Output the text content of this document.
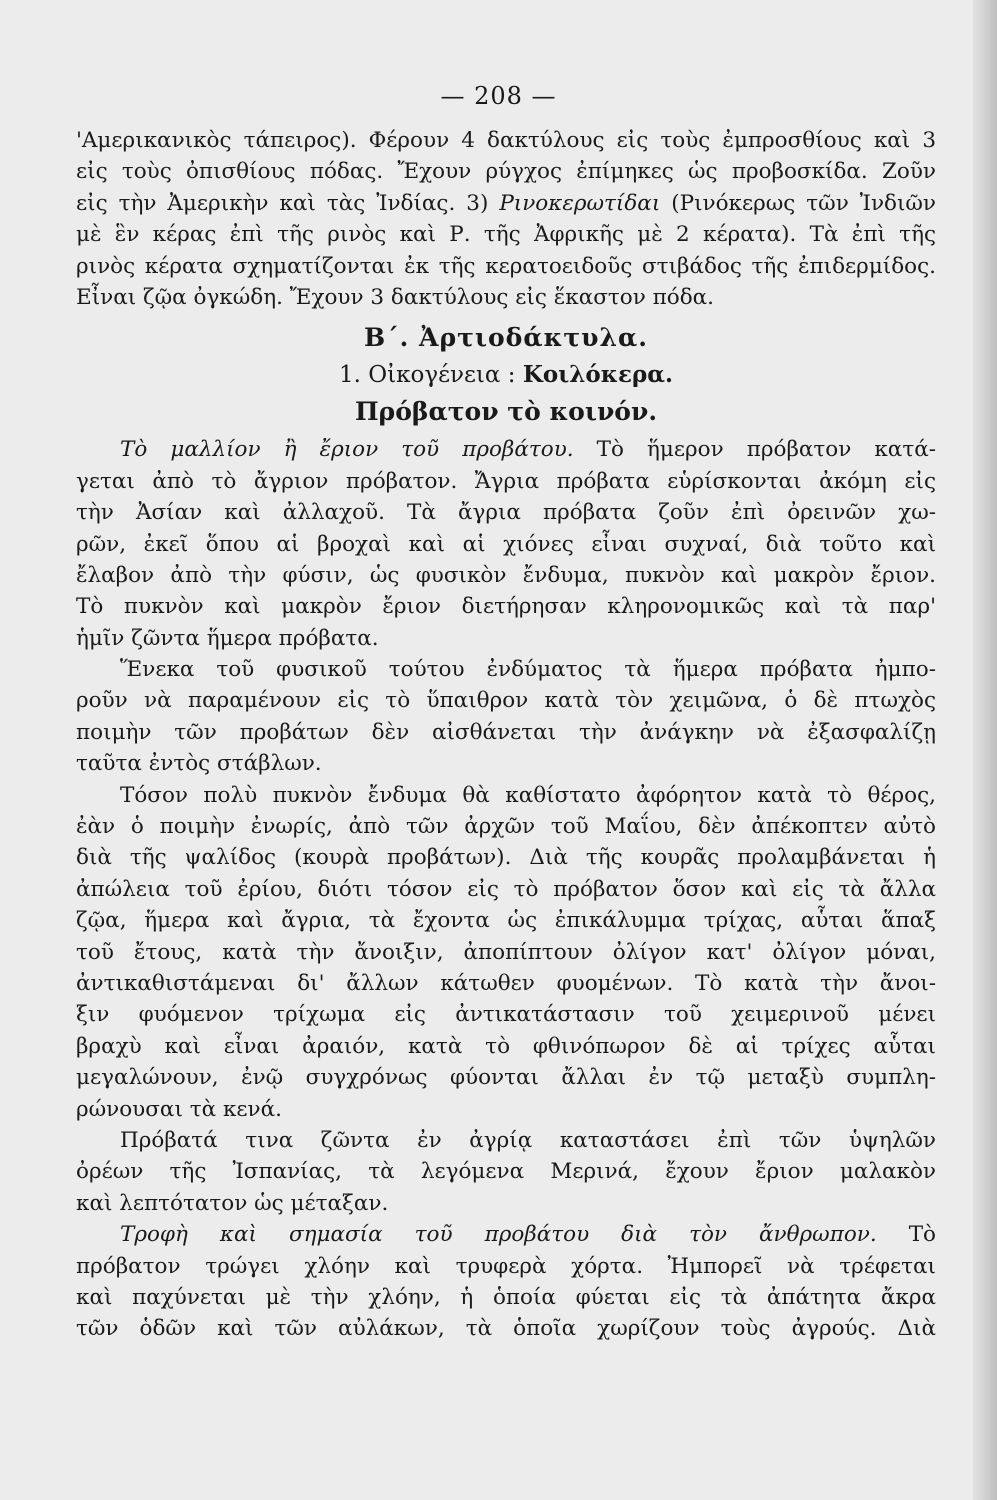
— 208 —
'Αμερικανικὸς τάπειρος). Φέρουν 4 δακτύλους εἰς τοὺς ἐμπροσθίους καὶ 3
εἰς τοὺς ὀπισθίους πόδας. Ἔχουν ρύγχος ἐπίμηκες ὡς προβοσκίδα. Ζοῦν
εἰς τὴν Ἀμερικὴν καὶ τὰς Ἰνδίας. 3) Ρινοκερωτίδαι (Ρινόκερως τῶν Ἰνδιῶν
μὲ ἓν κέρας ἐπὶ τῆς ρινὸς καὶ Ρ. τῆς Ἀφρικῆς μὲ 2 κέρατα). Τὰ ἐπὶ τῆς
ρινὸς κέρατα σχηματίζονται ἐκ τῆς κερατοειδοῦς στιβάδος τῆς ἐπιδερμίδος.
Εἶναι ζῷα ὀγκώδη. Ἔχουν 3 δακτύλους εἰς ἕκαστον πόδα.
Β΄. Ἀρτιοδάκτυλα.
1. Οἰκογένεια : Κοιλόκερα.
Πρόβατον τὸ κοινόν.
Τὸ μαλλίον ἢ ἔριον τοῦ προβάτου. Τὸ ἥμερον πρόβατον κατά-
γεται ἀπὸ τὸ ἄγριον πρόβατον. Ἄγρια πρόβατα εὑρίσκονται ἀκόμη εἰς
τὴν Ἀσίαν καὶ ἀλλαχοῦ. Τὰ ἄγρια πρόβατα ζοῦν ἐπὶ ὀρεινῶν χω-
ρῶν, ἐκεῖ ὅπου αἱ βροχαὶ καὶ αἱ χιόνες εἶναι συχναί, διὰ τοῦτο καὶ
ἔλαβον ἀπὸ τὴν φύσιν, ὡς φυσικὸν ἔνδυμα, πυκνὸν καὶ μακρὸν ἔριον.
Τὸ πυκνὸν καὶ μακρὸν ἔριον διετήρησαν κληρονομικῶς καὶ τὰ παρ'
ἡμῖν ζῶντα ἥμερα πρόβατα.
Ἕνεκα τοῦ φυσικοῦ τούτου ἐνδύματος τὰ ἥμερα πρόβατα ἠμπο-
ροῦν νὰ παραμένουν εἰς τὸ ὕπαιθρον κατὰ τὸν χειμῶνα, ὁ δὲ πτωχὸς
ποιμὴν τῶν προβάτων δὲν αἰσθάνεται τὴν ἀνάγκην νὰ ἐξασφαλίζῃ
ταῦτα ἐντὸς στάβλων.
Τόσον πολὺ πυκνὸν ἔνδυμα θὰ καθίστατο ἀφόρητον κατὰ τὸ θέρος,
ἐὰν ὁ ποιμὴν ἐνωρίς, ἀπὸ τῶν ἀρχῶν τοῦ Μαΐου, δὲν ἀπέκοπτεν αὐτὸ
διὰ τῆς ψαλίδος (κουρὰ προβάτων). Διὰ τῆς κουρᾶς προλαμβάνεται ἡ
ἀπώλεια τοῦ ἐρίου, διότι τόσον εἰς τὸ πρόβατον ὅσον καὶ εἰς τὰ ἄλλα
ζῷα, ἥμερα καὶ ἄγρια, τὰ ἔχοντα ὡς ἐπικάλυμμα τρίχας, αὗται ἅπαξ
τοῦ ἔτους, κατὰ τὴν ἄνοιξιν, ἀποπίπτουν ὀλίγον κατ' ὀλίγον μόναι,
ἀντικαθιστάμεναι δι' ἄλλων κάτωθεν φυομένων. Τὸ κατὰ τὴν ἄνοι-
ξιν φυόμενον τρίχωμα εἰς ἀντικατάστασιν τοῦ χειμερινοῦ μένει
βραχὺ καὶ εἶναι ἀραιόν, κατὰ τὸ φθινόπωρον δὲ αἱ τρίχες αὗται
μεγαλώνουν, ἐνῷ συγχρόνως φύονται ἄλλαι ἐν τῷ μεταξὺ συμπλη-
ρώνουσαι τὰ κενά.
Πρόβατά τινα ζῶντα ἐν ἀγρίᾳ καταστάσει ἐπὶ τῶν ὑψηλῶν
ὀρέων τῆς Ἰσπανίας, τὰ λεγόμενα Μερινά, ἔχουν ἔριον μαλακὸν
καὶ λεπτότατον ὡς μέταξαν.
Τροφὴ καὶ σημασία τοῦ προβάτου διὰ τὸν ἄνθρωπον. Τὸ
πρόβατον τρώγει χλόην καὶ τρυφερὰ χόρτα. Ἠμπορεῖ νὰ τρέφεται
καὶ παχύνεται μὲ τὴν χλόην, ἡ ὁποία φύεται εἰς τὰ ἀπάτητα ἄκρα
τῶν ὁδῶν καὶ τῶν αὐλάκων, τὰ ὁποῖα χωρίζουν τοὺς ἀγρούς. Διὰ
